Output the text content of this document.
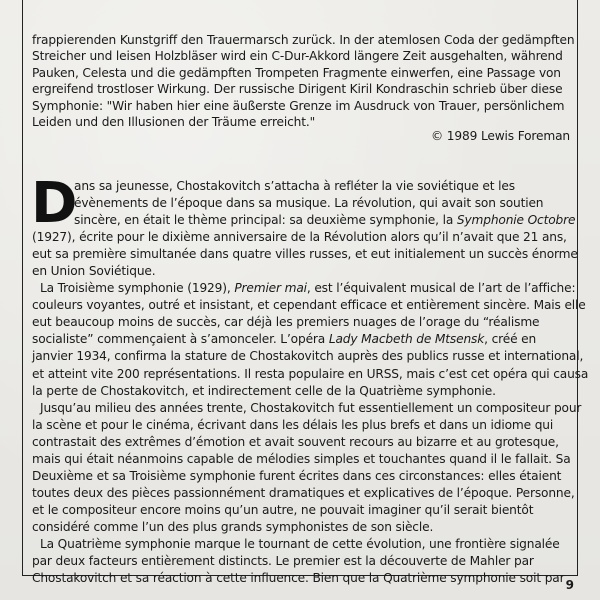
frappierenden Kunstgriff den Trauermarsch zurück. In der atemlosen Coda der gedämpften
Streicher und leisen Holzbläser wird ein C-Dur-Akkord längere Zeit ausgehalten, während
Pauken, Celesta und die gedämpften Trompeten Fragmente einwerfen, eine Passage von
ergreifend trostloser Wirkung. Der russische Dirigent Kiril Kondraschin schrieb über diese
Symphonie: "Wir haben hier eine äußerste Grenze im Ausdruck von Trauer, persönlichem
Leiden und den Illusionen der Träume erreicht."
© 1989 Lewis Foreman
D
ans sa jeunesse, Chostakovitch s’attacha à refléter la vie soviétique et les
évènements de l’époque dans sa musique. La révolution, qui avait son soutien
sincère, en était le thème principal: sa deuxième symphonie, la Symphonie Octobre
(1927), écrite pour le dixième anniversaire de la Révolution alors qu’il n’avait que 21 ans,
eut sa première simultanée dans quatre villes russes, et eut initialement un succès énorme
en Union Soviétique.
La Troisième symphonie (1929), Premier mai, est l’équivalent musical de l’art de l’affiche:
couleurs voyantes, outré et insistant, et cependant efficace et entièrement sincère. Mais elle
eut beaucoup moins de succès, car déjà les premiers nuages de l’orage du “réalisme
socialiste” commençaient à s’amonceler. L’opéra Lady Macbeth de Mtsensk, créé en
janvier 1934, confirma la stature de Chostakovitch auprès des publics russe et international,
et atteint vite 200 représentations. Il resta populaire en URSS, mais c’est cet opéra qui causa
la perte de Chostakovitch, et indirectement celle de la Quatrième symphonie.
Jusqu’au milieu des années trente, Chostakovitch fut essentiellement un compositeur pour
la scène et pour le cinéma, écrivant dans les délais les plus brefs et dans un idiome qui
contrastait des extrêmes d’émotion et avait souvent recours au bizarre et au grotesque,
mais qui était néanmoins capable de mélodies simples et touchantes quand il le fallait. Sa
Deuxième et sa Troisième symphonie furent écrites dans ces circonstances: elles étaient
toutes deux des pièces passionnément dramatiques et explicatives de l’époque. Personne,
et le compositeur encore moins qu’un autre, ne pouvait imaginer qu’il serait bientôt
considéré comme l’un des plus grands symphonistes de son siècle.
La Quatrième symphonie marque le tournant de cette évolution, une frontière signalée
par deux facteurs entièrement distincts. Le premier est la découverte de Mahler par
Chostakovitch et sa réaction à cette influence. Bien que la Quatrième symphonie soit par 9
